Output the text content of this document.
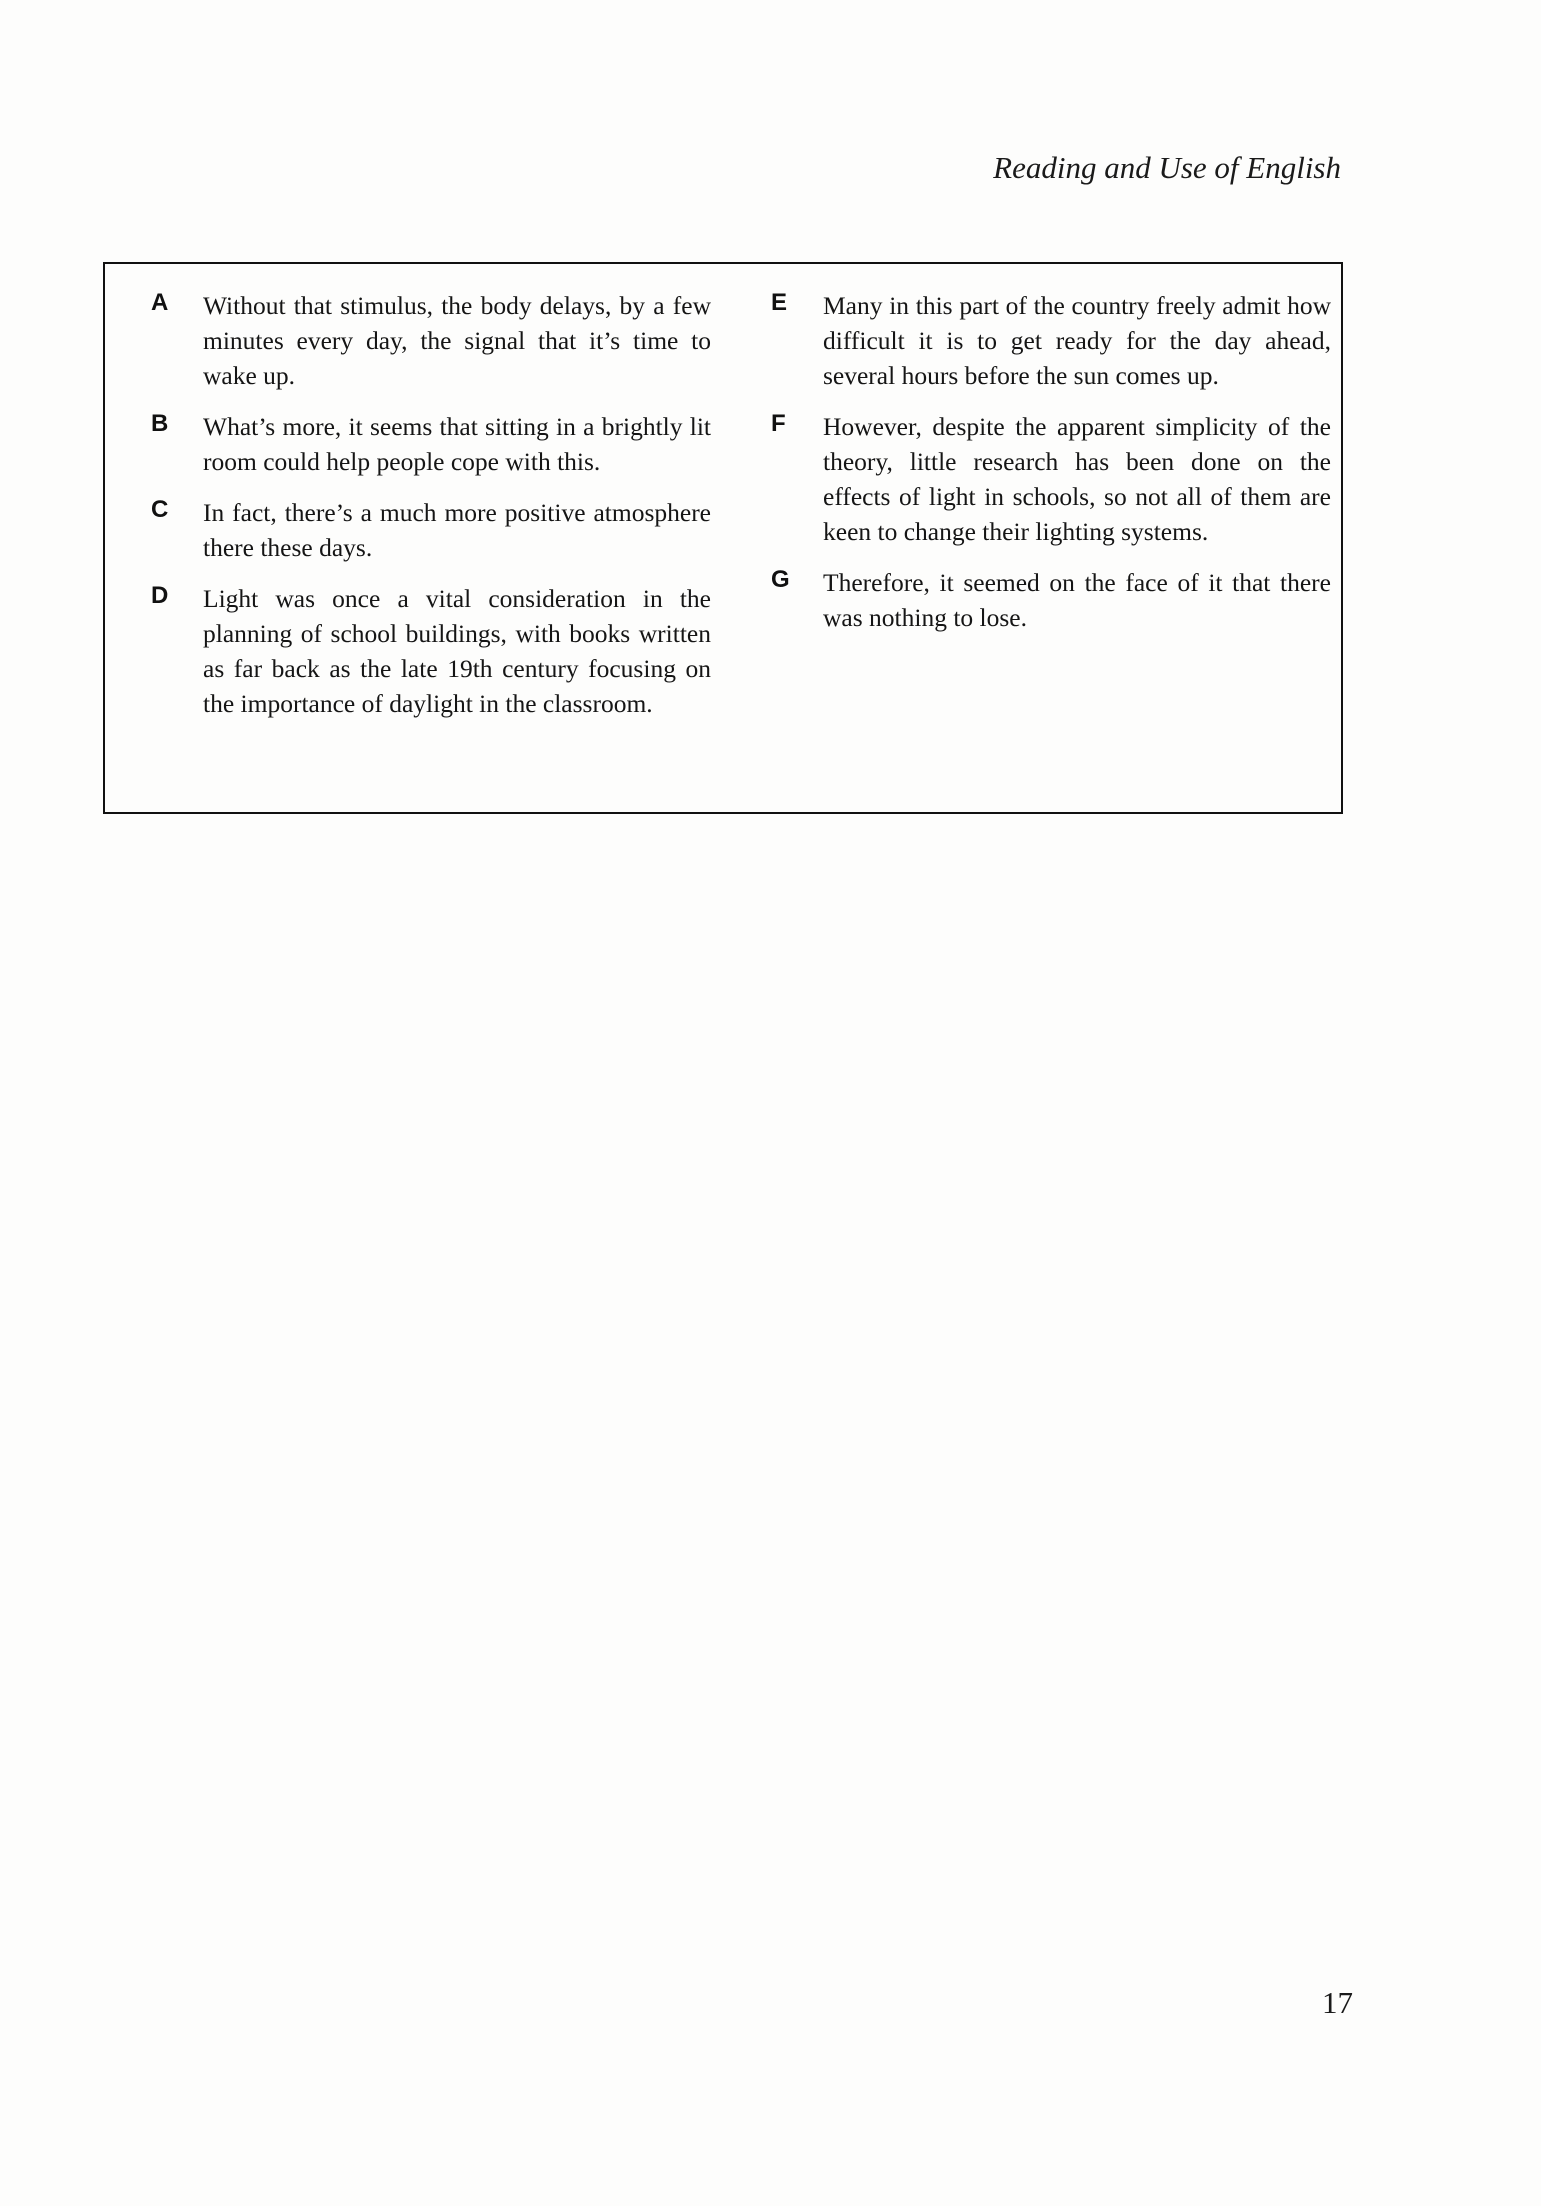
Reading and Use of English
A Without that stimulus, the body delays, by a few minutes every day, the signal that it’s time to wake up.
B What’s more, it seems that sitting in a brightly lit room could help people cope with this.
C In fact, there’s a much more positive atmosphere there these days.
D Light was once a vital consideration in the planning of school buildings, with books written as far back as the late 19th century focusing on the importance of daylight in the classroom.
E Many in this part of the country freely admit how difficult it is to get ready for the day ahead, several hours before the sun comes up.
F However, despite the apparent simplicity of the theory, little research has been done on the effects of light in schools, so not all of them are keen to change their lighting systems.
G Therefore, it seemed on the face of it that there was nothing to lose.
17
